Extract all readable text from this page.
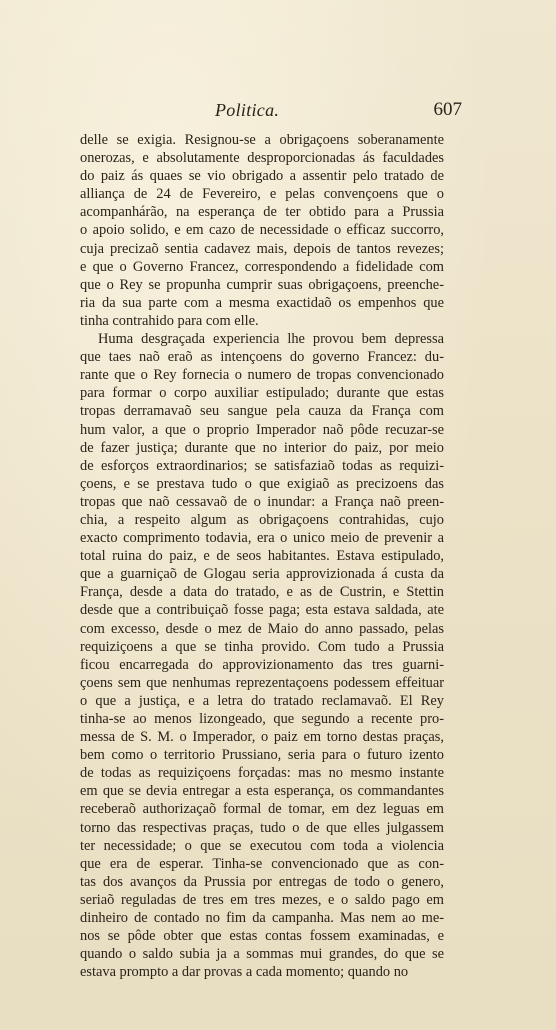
Politica.	607
delle se exigia. Resignou-se a obrigaçoens soberanamente
onerozas, e absolutamente desproporcionadas ás faculdades
do paiz ás quaes se vio obrigado a assentir pelo tratado de
alliança de 24 de Fevereiro, e pelas convençoens que o
acompanhárão, na esperança de ter obtido para a Prussia
o apoio solido, e em cazo de necessidade o efficaz succorro,
cuja precizaõ sentia cadavez mais, depois de tantos revezes;
e que o Governo Francez, correspondendo a fidelidade com
que o Rey se propunha cumprir suas obrigaçoens, preenche-
ria da sua parte com a mesma exactidaõ os empenhos que
tinha contrahido para com elle.
Huma desgraçada experiencia lhe provou bem depressa
que taes naõ eraõ as intençoens do governo Francez: du-
rante que o Rey fornecia o numero de tropas convencionado
para formar o corpo auxiliar estipulado; durante que estas
tropas derramavaõ seu sangue pela cauza da França com
hum valor, a que o proprio Imperador naõ pôde recuzar-se
de fazer justiça; durante que no interior do paiz, por meio
de esforços extraordinarios; se satisfaziaõ todas as requizi-
çoens, e se prestava tudo o que exigiaõ as precizoens das
tropas que naõ cessavaõ de o inundar: a França naõ preen-
chia, a respeito algum as obrigaçoens contrahidas, cujo
exacto comprimento todavia, era o unico meio de prevenir a
total ruina do paiz, e de seos habitantes. Estava estipulado,
que a guarniçaõ de Glogau seria approvizionada á custa da
França, desde a data do tratado, e as de Custrin, e Stettin
desde que a contribuiçaõ fosse paga; esta estava saldada, ate
com excesso, desde o mez de Maio do anno passado, pelas
requiziçoens a que se tinha provido. Com tudo a Prussia
ficou encarregada do approvizionamento das tres guarni-
çoens sem que nenhumas reprezentaçoens podessem effeituar
o que a justiça, e a letra do tratado reclamavaõ. El Rey
tinha-se ao menos lizongeado, que segundo a recente pro-
messa de S. M. o Imperador, o paiz em torno destas praças,
bem como o territorio Prussiano, seria para o futuro izento
de todas as requiziçoens forçadas: mas no mesmo instante
em que se devia entregar a esta esperança, os commandantes
receberaõ authorizaçaõ formal de tomar, em dez leguas em
torno das respectivas praças, tudo o de que elles julgassem
ter necessidade; o que se executou com toda a violencia
que era de esperar. Tinha-se convencionado que as con-
tas dos avanços da Prussia por entregas de todo o genero,
seriaõ reguladas de tres em tres mezes, e o saldo pago em
dinheiro de contado no fim da campanha. Mas nem ao me-
nos se pôde obter que estas contas fossem examinadas, e
quando o saldo subia ja a sommas mui grandes, do que se
estava prompto a dar provas a cada momento; quando no
